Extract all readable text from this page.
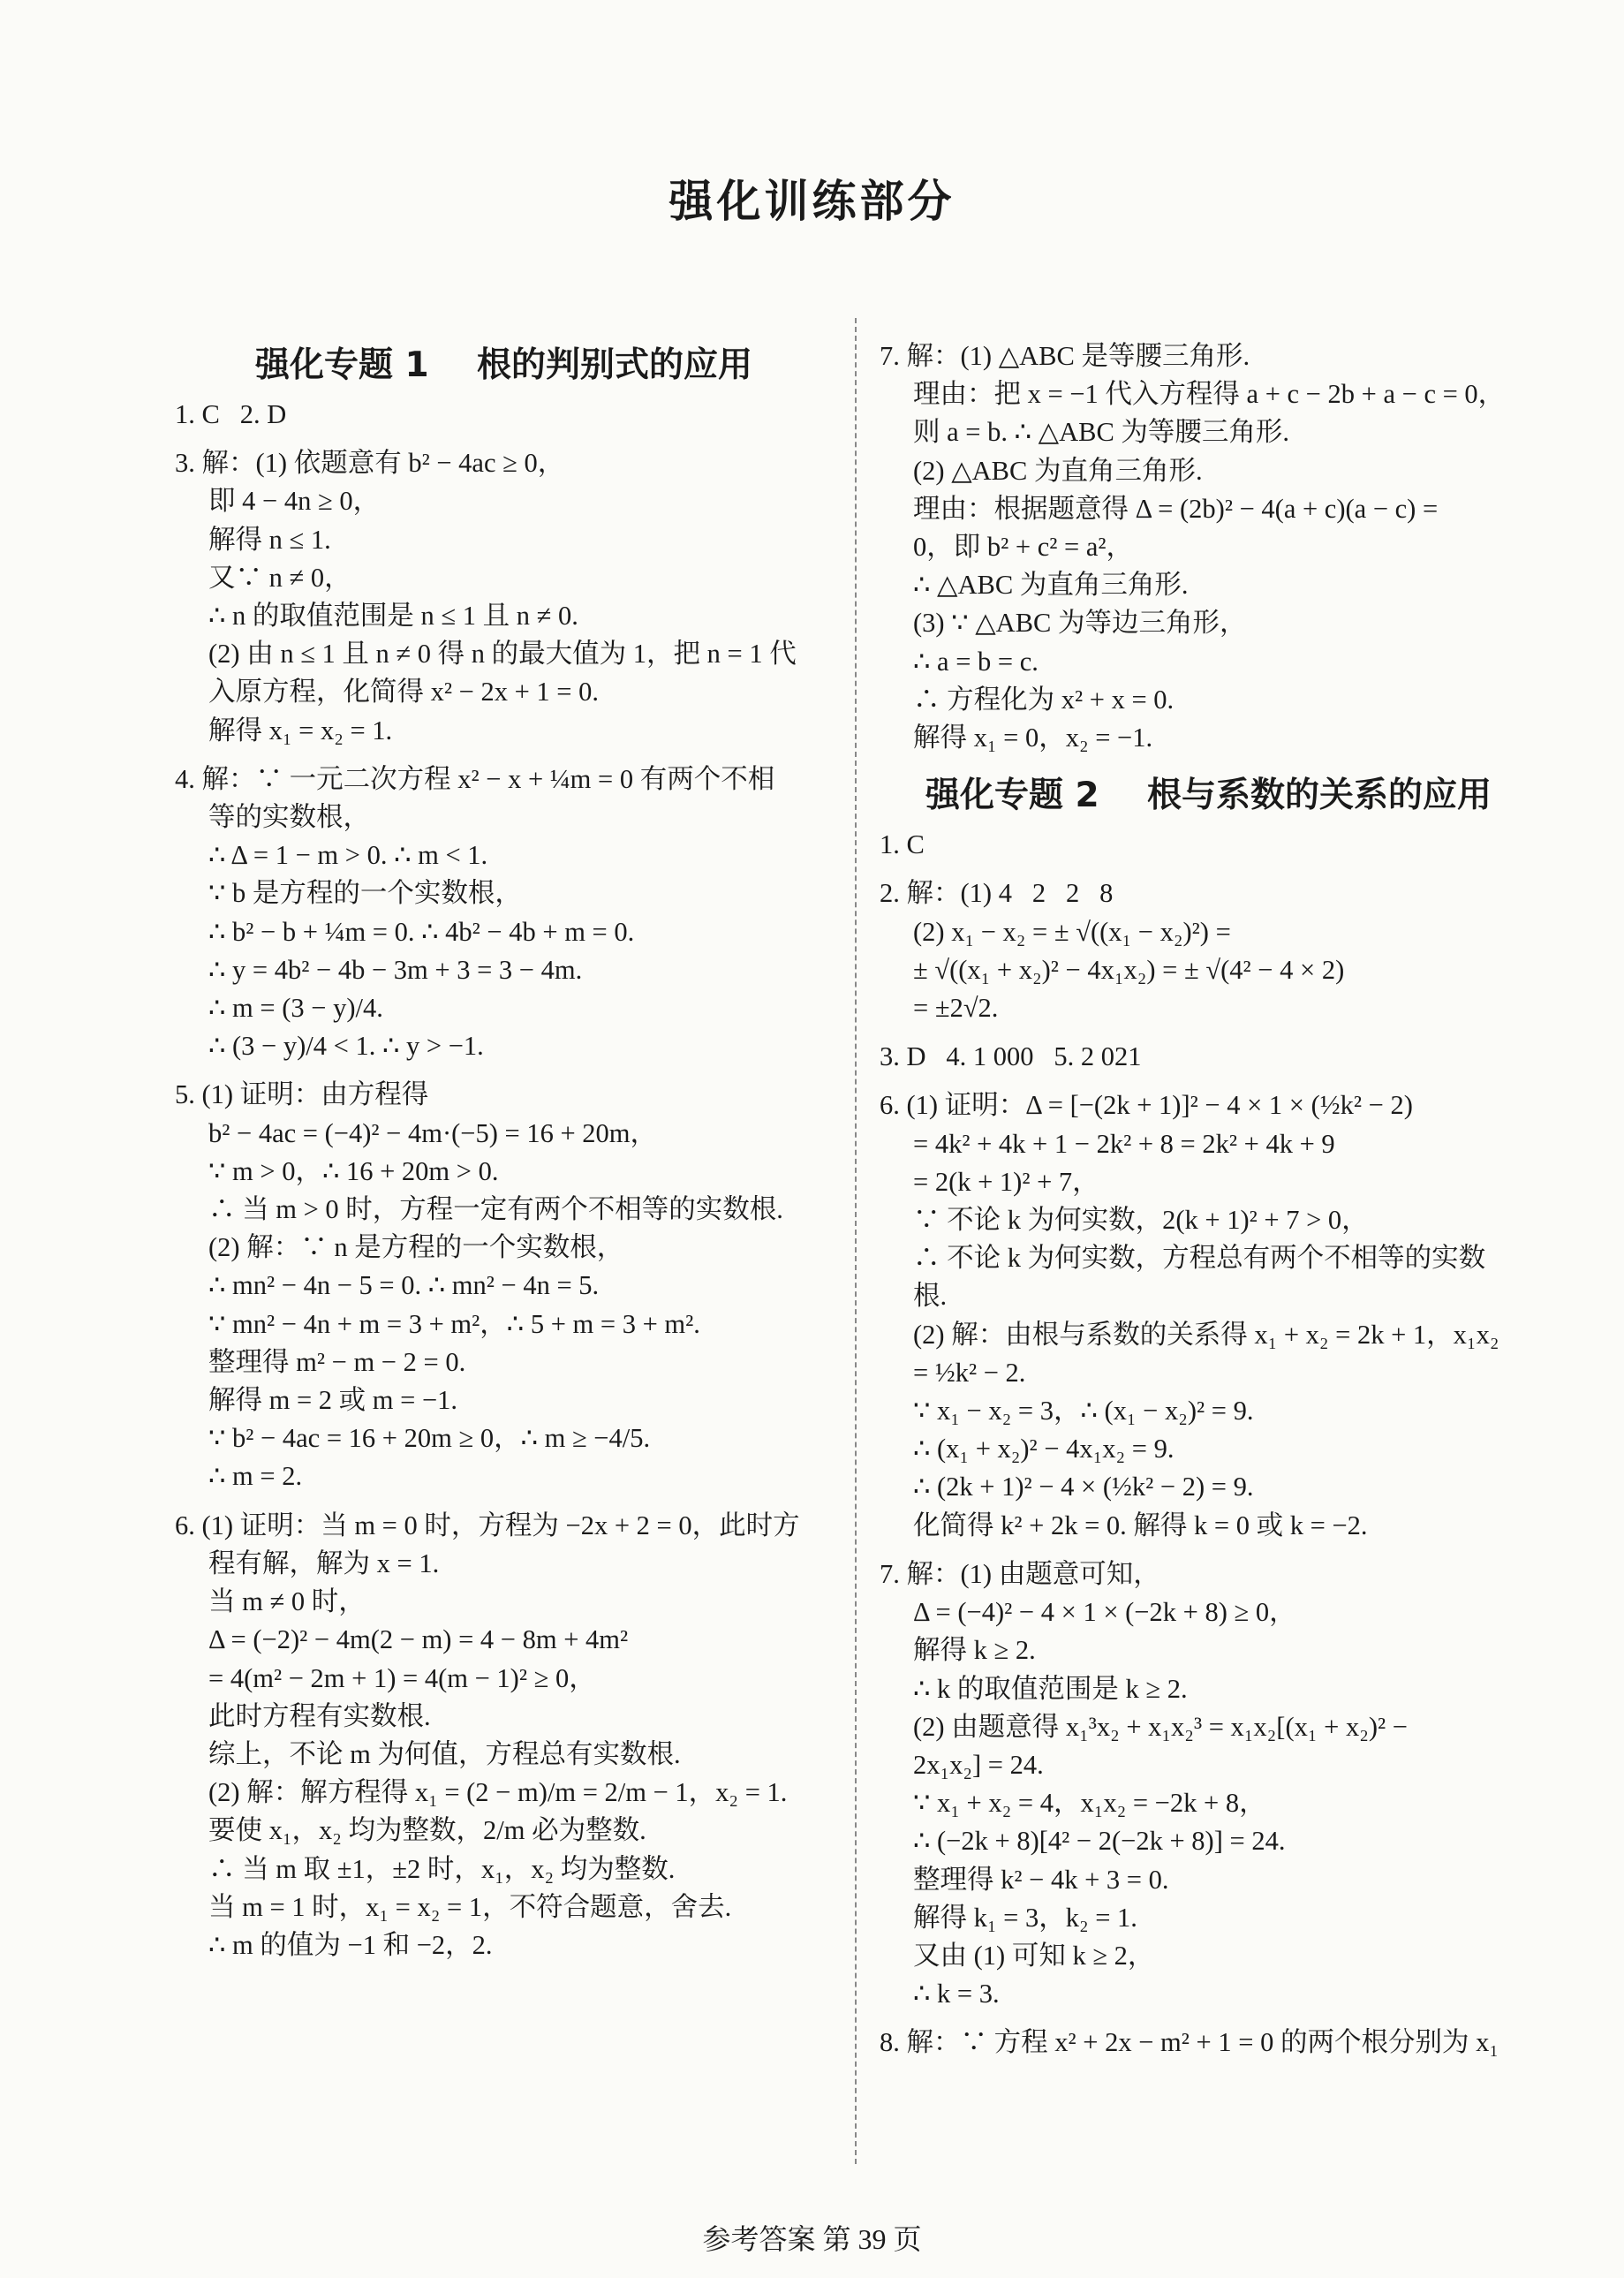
强化训练部分
强化专题 1    根的判别式的应用
1. C   2. D
3. 解：(1) 依题意有 b² − 4ac ≥ 0，
即 4 − 4n ≥ 0，
解得 n ≤ 1.
又∵ n ≠ 0，
∴ n 的取值范围是 n ≤ 1 且 n ≠ 0.
(2) 由 n ≤ 1 且 n ≠ 0 得 n 的最大值为 1，把 n = 1 代
入原方程，化简得 x² − 2x + 1 = 0.
解得 x₁ = x₂ = 1.
4. 解：∵ 一元二次方程 x² − x + ¼m = 0 有两个不相
等的实数根，
∴ Δ = 1 − m > 0. ∴ m < 1.
∵ b 是方程的一个实数根，
∴ b² − b + ¼m = 0. ∴ 4b² − 4b + m = 0.
∴ y = 4b² − 4b − 3m + 3 = 3 − 4m.
∴ m = (3 − y)/4.
∴ (3 − y)/4 < 1. ∴ y > −1.
5. (1) 证明：由方程得
b² − 4ac = (−4)² − 4m·(−5) = 16 + 20m，
∵ m > 0，∴ 16 + 20m > 0.
∴ 当 m > 0 时，方程一定有两个不相等的实数根.
(2) 解：∵ n 是方程的一个实数根，
∴ mn² − 4n − 5 = 0. ∴ mn² − 4n = 5.
∵ mn² − 4n + m = 3 + m²，∴ 5 + m = 3 + m².
整理得 m² − m − 2 = 0.
解得 m = 2 或 m = −1.
∵ b² − 4ac = 16 + 20m ≥ 0，∴ m ≥ −4/5.
∴ m = 2.
6. (1) 证明：当 m = 0 时，方程为 −2x + 2 = 0，此时方
程有解，解为 x = 1.
当 m ≠ 0 时，
Δ = (−2)² − 4m(2 − m) = 4 − 8m + 4m²
= 4(m² − 2m + 1) = 4(m − 1)² ≥ 0，
此时方程有实数根.
综上，不论 m 为何值，方程总有实数根.
(2) 解：解方程得 x₁ = (2 − m)/m = 2/m − 1，x₂ = 1.
要使 x₁，x₂ 均为整数，2/m 必为整数.
∴ 当 m 取 ±1，±2 时，x₁，x₂ 均为整数.
当 m = 1 时，x₁ = x₂ = 1，不符合题意，舍去.
∴ m 的值为 −1 和 −2，2.
7. 解：(1) △ABC 是等腰三角形.
理由：把 x = −1 代入方程得 a + c − 2b + a − c = 0，
则 a = b. ∴ △ABC 为等腰三角形.
(2) △ABC 为直角三角形.
理由：根据题意得 Δ = (2b)² − 4(a + c)(a − c) =
0，即 b² + c² = a²，
∴ △ABC 为直角三角形.
(3) ∵ △ABC 为等边三角形，
∴ a = b = c.
∴ 方程化为 x² + x = 0.
解得 x₁ = 0，x₂ = −1.
强化专题 2    根与系数的关系的应用
1. C
2. 解：(1) 4   2   2   8
(2) x₁ − x₂ = ± √((x₁ − x₂)²) =
± √((x₁ + x₂)² − 4x₁x₂) = ± √(4² − 4 × 2)
= ±2√2.
3. D   4. 1 000   5. 2 021
6. (1) 证明：Δ = [−(2k + 1)]² − 4 × 1 × (½k² − 2)
= 4k² + 4k + 1 − 2k² + 8 = 2k² + 4k + 9
= 2(k + 1)² + 7，
∵ 不论 k 为何实数，2(k + 1)² + 7 > 0，
∴ 不论 k 为何实数，方程总有两个不相等的实数
根.
(2) 解：由根与系数的关系得 x₁ + x₂ = 2k + 1，x₁x₂
= ½k² − 2.
∵ x₁ − x₂ = 3，∴ (x₁ − x₂)² = 9.
∴ (x₁ + x₂)² − 4x₁x₂ = 9.
∴ (2k + 1)² − 4 × (½k² − 2) = 9.
化简得 k² + 2k = 0. 解得 k = 0 或 k = −2.
7. 解：(1) 由题意可知，
Δ = (−4)² − 4 × 1 × (−2k + 8) ≥ 0，
解得 k ≥ 2.
∴ k 的取值范围是 k ≥ 2.
(2) 由题意得 x₁³x₂ + x₁x₂³ = x₁x₂[(x₁ + x₂)² −
2x₁x₂] = 24.
∵ x₁ + x₂ = 4，x₁x₂ = −2k + 8，
∴ (−2k + 8)[4² − 2(−2k + 8)] = 24.
整理得 k² − 4k + 3 = 0.
解得 k₁ = 3，k₂ = 1.
又由 (1) 可知 k ≥ 2，
∴ k = 3.
8. 解：∵ 方程 x² + 2x − m² + 1 = 0 的两个根分别为 x₁
参考答案 第 39 页
